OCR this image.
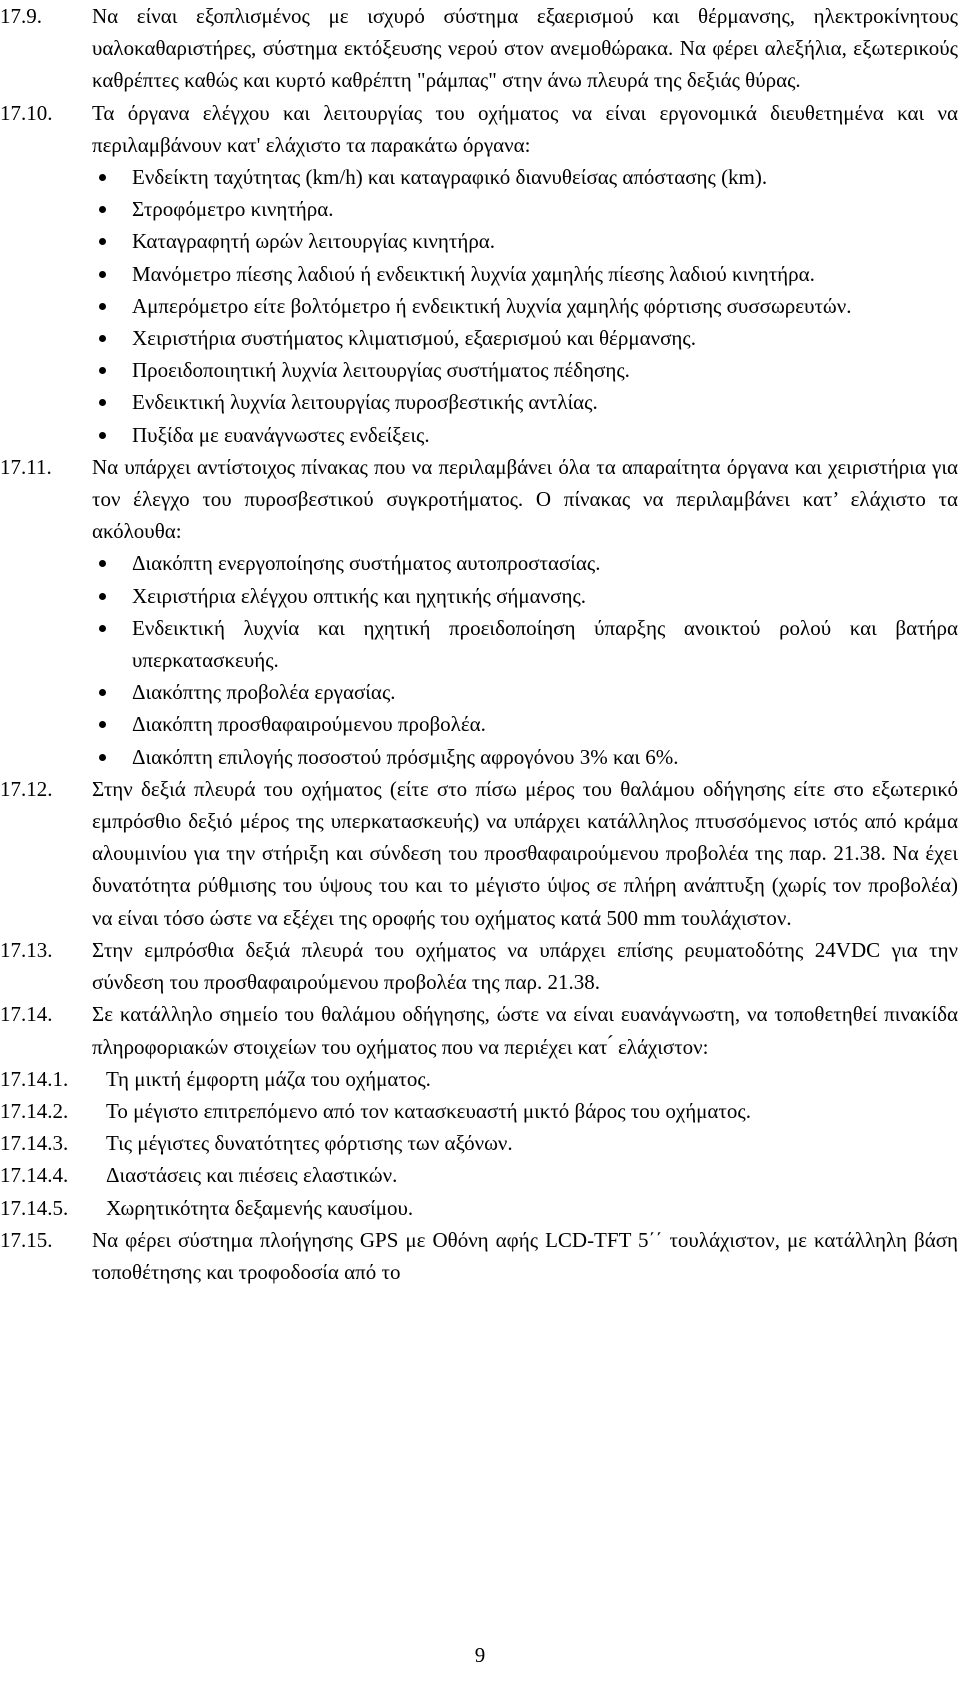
17.9. Να είναι εξοπλισμένος με ισχυρό σύστημα εξαερισμού και θέρμανσης, ηλεκτροκίνητους υαλοκαθαριστήρες, σύστημα εκτόξευσης νερού στον ανεμοθώρακα. Να φέρει αλεξήλια, εξωτερικούς καθρέπτες καθώς και κυρτό καθρέπτη "ράμπας" στην άνω πλευρά της δεξιάς θύρας.

17.10. Τα όργανα ελέγχου και λειτουργίας του οχήματος να είναι εργονομικά διευθετημένα και να περιλαμβάνουν κατ' ελάχιστο τα παρακάτω όργανα:

Ενδείκτη ταχύτητας (km/h) και καταγραφικό διανυθείσας απόστασης (km).
Στροφόμετρο κινητήρα.
Καταγραφητή ωρών λειτουργίας κινητήρα.
Μανόμετρο πίεσης λαδιού ή ενδεικτική λυχνία χαμηλής πίεσης λαδιού κινητήρα.
Αμπερόμετρο είτε βολτόμετρο ή ενδεικτική λυχνία χαμηλής φόρτισης συσσωρευτών.
Χειριστήρια συστήματος κλιματισμού, εξαερισμού και θέρμανσης.
Προειδοποιητική λυχνία λειτουργίας συστήματος πέδησης.
Ενδεικτική λυχνία λειτουργίας πυροσβεστικής αντλίας.
Πυξίδα με ευανάγνωστες ενδείξεις.
17.11. Να υπάρχει αντίστοιχος πίνακας που να περιλαμβάνει όλα τα απαραίτητα όργανα και χειριστήρια για τον έλεγχο του πυροσβεστικού συγκροτήματος. Ο πίνακας να περιλαμβάνει κατ’ ελάχιστο τα ακόλουθα:

Διακόπτη ενεργοποίησης συστήματος αυτοπροστασίας.
Χειριστήρια ελέγχου οπτικής και ηχητικής σήμανσης.
Ενδεικτική λυχνία και ηχητική προειδοποίηση ύπαρξης ανοικτού ρολού και βατήρα υπερκατασκευής.
Διακόπτης προβολέα εργασίας.
Διακόπτη προσθαφαιρούμενου προβολέα.
Διακόπτη επιλογής ποσοστού πρόσμιξης αφρογόνου 3% και 6%.
17.12. Στην δεξιά πλευρά του οχήματος (είτε στο πίσω μέρος του θαλάμου οδήγησης είτε στο εξωτερικό εμπρόσθιο δεξιό μέρος της υπερκατασκευής) να υπάρχει κατάλληλος πτυσσόμενος ιστός από κράμα αλουμινίου για την στήριξη και σύνδεση του προσθαφαιρούμενου προβολέα της παρ. 21.38. Να έχει δυνατότητα ρύθμισης του ύψους του και το μέγιστο ύψος σε πλήρη ανάπτυξη (χωρίς τον προβολέα) να είναι τόσο ώστε να εξέχει της οροφής του οχήματος κατά 500 mm τουλάχιστον.

17.13. Στην εμπρόσθια δεξιά πλευρά του οχήματος να υπάρχει επίσης ρευματοδότης 24VDC για την σύνδεση του προσθαφαιρούμενου προβολέα της παρ. 21.38.

17.14. Σε κατάλληλο σημείο του θαλάμου οδήγησης, ώστε να είναι ευανάγνωστη, να τοποθετηθεί πινακίδα πληροφοριακών στοιχείων του οχήματος που να περιέχει κατ ́ ελάχιστον:

17.14.1. Τη μικτή έμφορτη μάζα του οχήματος.
17.14.2. Το μέγιστο επιτρεπόμενο από τον κατασκευαστή μικτό βάρος του οχήματος.
17.14.3. Τις μέγιστες δυνατότητες φόρτισης των αξόνων.
17.14.4. Διαστάσεις και πιέσεις ελαστικών.
17.14.5. Χωρητικότητα δεξαμενής καυσίμου.
17.15. Να φέρει σύστημα πλοήγησης GPS με Οθόνη αφής LCD-TFT 5΄΄ τουλάχιστον, με κατάλληλη βάση τοποθέτησης και τροφοδοσία από το

9
